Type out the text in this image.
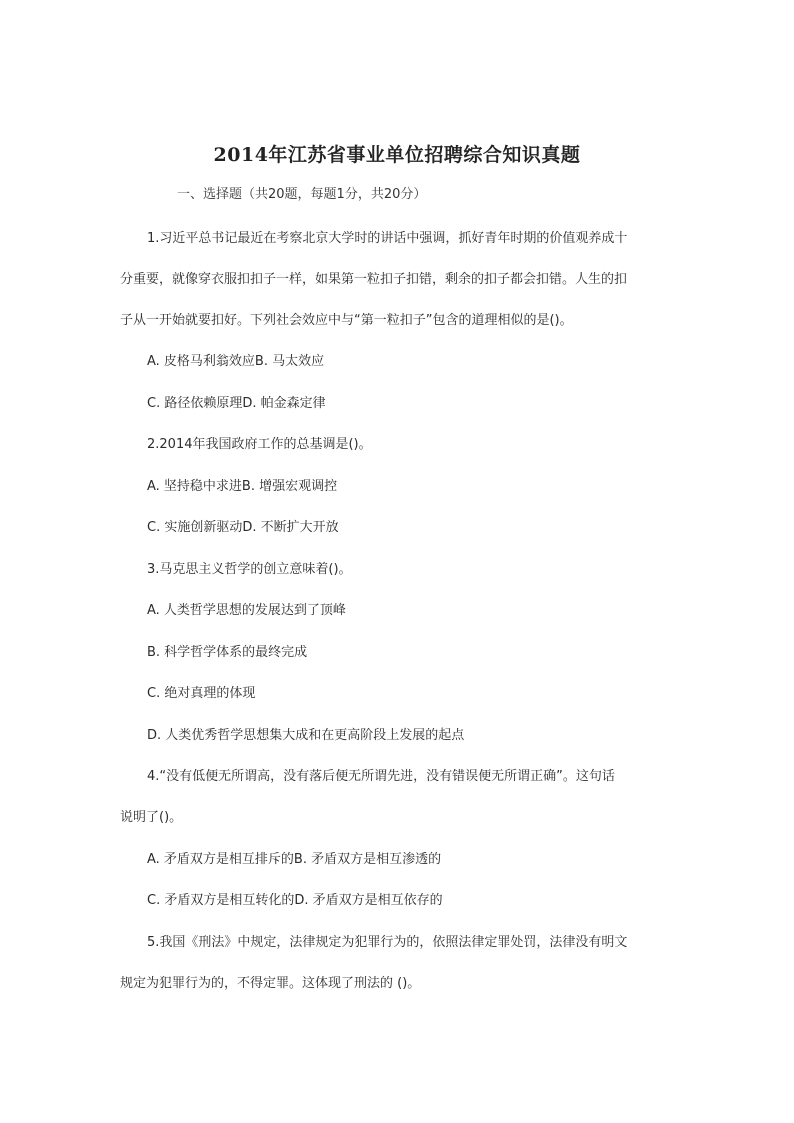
2014年江苏省事业单位招聘综合知识真题
一、选择题（共20题，每题1分，共20分）
1.习近平总书记最近在考察北京大学时的讲话中强调，抓好青年时期的价值观养成十
分重要，就像穿衣服扣扣子一样，如果第一粒扣子扣错，剩余的扣子都会扣错。人生的扣
子从一开始就要扣好。下列社会效应中与“第一粒扣子”包含的道理相似的是()。
A. 皮格马利翁效应B. 马太效应
C. 路径依赖原理D. 帕金森定律
2.2014年我国政府工作的总基调是()。
A. 坚持稳中求进B. 增强宏观调控
C. 实施创新驱动D. 不断扩大开放
3.马克思主义哲学的创立意味着()。
A. 人类哲学思想的发展达到了顶峰
B. 科学哲学体系的最终完成
C. 绝对真理的体现
D. 人类优秀哲学思想集大成和在更高阶段上发展的起点
4.“没有低便无所谓高，没有落后便无所谓先进，没有错误便无所谓正确”。这句话
说明了()。
A. 矛盾双方是相互排斥的B. 矛盾双方是相互渗透的
C. 矛盾双方是相互转化的D. 矛盾双方是相互依存的
5.我国《刑法》中规定，法律规定为犯罪行为的，依照法律定罪处罚，法律没有明文
规定为犯罪行为的，不得定罪。这体现了刑法的 ()。
